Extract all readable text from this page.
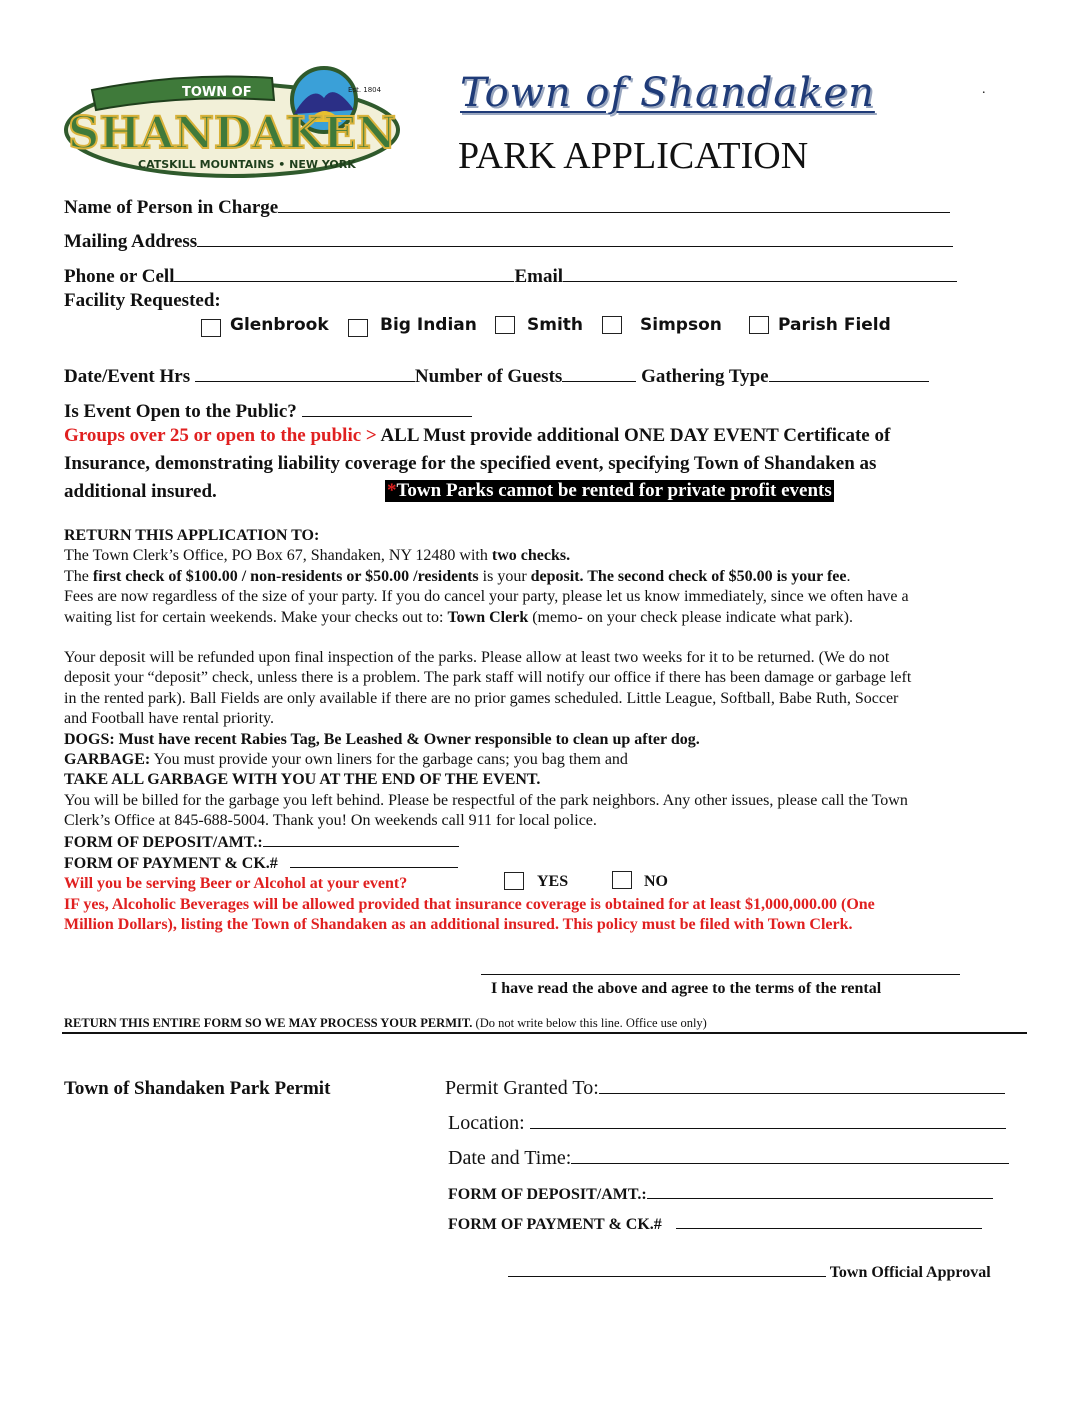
TOWN OF	Est. 1804
SHANDAKEN
CATSKILL MOUNTAINS • NEW YORK
Town of Shandaken
PARK APPLICATION
.
Name of Person in Charge
Mailing Address
Phone or Cell	Email
Facility Requested:
Glenbrook	Big Indian	Smith	Simpson	Parish Field
Date/Event Hrs	Number of Guests	Gathering Type
Is Event Open to the Public?
Groups over 25 or open to the public > ALL Must provide additional ONE DAY EVENT Certificate of
Insurance, demonstrating liability coverage for the specified event, specifying Town of Shandaken as
additional insured.	*Town Parks cannot be rented for private profit events
RETURN THIS APPLICATION TO:
The Town Clerk’s Office, PO Box 67, Shandaken, NY 12480 with two checks.
The first check of $100.00 / non-residents or $50.00 /residents is your deposit. The second check of $50.00 is your fee.
Fees are now regardless of the size of your party. If you do cancel your party, please let us know immediately, since we often have a
waiting list for certain weekends. Make your checks out to: Town Clerk (memo- on your check please indicate what park).
Your deposit will be refunded upon final inspection of the parks. Please allow at least two weeks for it to be returned. (We do not
deposit your “deposit” check, unless there is a problem. The park staff will notify our office if there has been damage or garbage left
in the rented park). Ball Fields are only available if there are no prior games scheduled. Little League, Softball, Babe Ruth, Soccer
and Football have rental priority.
DOGS: Must have recent Rabies Tag, Be Leashed & Owner responsible to clean up after dog.
GARBAGE: You must provide your own liners for the garbage cans; you bag them and
TAKE ALL GARBAGE WITH YOU AT THE END OF THE EVENT.
You will be billed for the garbage you left behind. Please be respectful of the park neighbors. Any other issues, please call the Town
Clerk’s Office at 845-688-5004. Thank you! On weekends call 911 for local police.
FORM OF DEPOSIT/AMT.:
FORM OF PAYMENT & CK.#
Will you be serving Beer or Alcohol at your event?
IF yes, Alcoholic Beverages will be allowed provided that insurance coverage is obtained for at least $1,000,000.00 (One
Million Dollars), listing the Town of Shandaken as an additional insured. This policy must be filed with Town Clerk.
YES	NO
I have read the above and agree to the terms of the rental
RETURN THIS ENTIRE FORM SO WE MAY PROCESS YOUR PERMIT. (Do not write below this line. Office use only)
Town of Shandaken Park Permit	Permit Granted To:
Location:
Date and Time:
FORM OF DEPOSIT/AMT.:
FORM OF PAYMENT & CK.#
Town Official Approval
